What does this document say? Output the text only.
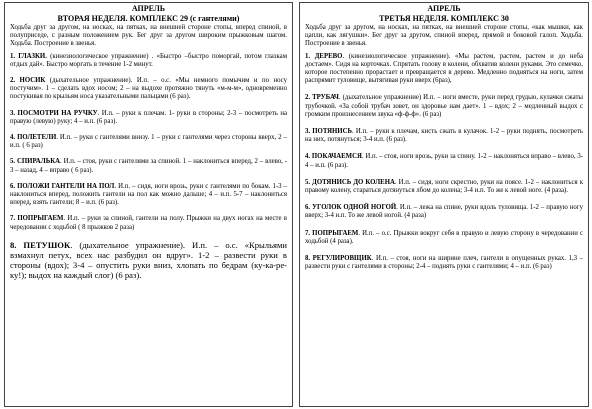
АПРЕЛЬ
ВТОРАЯ НЕДЕЛЯ. КОМПЛЕКС 29 (с гантелями)

Ходьба друг за другом, на носках, на пятках, на внешней стороне стопы, вперед спиной, в полуприседе, с разным положением рук. Бег друг за другом широким прыжковым шагом. Ходьба. Построение в звенья.

1. ГЛАЗКИ. (кинезиологическое упражнение) . «Быстро –быстро поморгай, потом глазкам отдых дай». Быстро моргать в течение 1-2 минут.

2. НОСИК (дыхательное упражнение). И.п. – о.с. «Мы немного помычим и по носу постучим». 1 – сделать вдох носом; 2 – на выдохе протяжно тянуть «м-м-м», одновременно постукивая по крыльям носа указательными пальцами (6 раз).

3. ПОСМОТРИ НА РУЧКУ. И.п. – руки к плечам. 1- руки в стороны; 2-3 – посмотреть на правую (левую) руку; 4 – и.п. (6 раз).

4. ПОЛЕТЕЛИ. И.п. – руки с гантелями внизу. 1 – руки с гантелями через стороны вверх, 2 – и.п. ( 6 раз)

5. СПИРАЛЬКА. И.п. – стоя, руки с гантелями за спиной. 1 – наклониться вперед, 2 – влево, - 3 – назад, 4 – вправо ( 6 раз).

6. ПОЛОЖИ ГАНТЕЛИ НА ПОЛ. И.п. – сидя, ноги врозь, руки с гантелями по бокам. 1-3 – наклониться вперед, положить гантели на пол как можно дальше; 4 – и.п. 5-7 – наклониться вперед, взять гантели; 8 – и.п. (6 раз).

7. ПОПРЫГАЕМ. И.п. – руки за спиной, гантели на полу. Прыжки на двух ногах на месте в чередовании с ходьбой ( 8 прыжков 2 раза)

8. ПЕТУШОК. (дыхательное упражнение). И.п. – о.с. «Крыльями взмахнул петух, всех нас разбудил он вдруг». 1-2 – развести руки в стороны (вдох); 3-4 – опустить руки вниз, хлопать по бедрам (ку-ка-ре-ку!); выдох на каждый слог) (6 раз).

АПРЕЛЬ
ТРЕТЬЯ НЕДЕЛЯ. КОМПЛЕКС 30

Ходьба друг за другом, на носках, на пятках, на внешней стороне стопы, «как мышки, как цапли, как лягушки». Бег друг за другом, спиной вперед, прямой и боковой галоп. Ходьба. Построение в звенья.

1. ДЕРЕВО. (кинезиологическое упражнение). «Мы растем, растем, растем и до неба достаем». Сидя на корточках. Спрятать голову в колени, обхватив колени руками. Это семечко, которое постепенно прорастает и превращается в дерево. Медленно подняться на ноги, затем распрямит туловище, вытягивая руки вверх (6раз),

2. ТРУБАЧ. (дыхательное упражнение) И.п. – ноги вместе, руки перед грудью, кулачки сжаты трубочкой. «За собой трубач зовет, он здоровье нам дает». 1 – вдох; 2 – медленный выдох с громким произнесением звука «ф-ф-ф». (6 раз)

3. ПОТЯНИСЬ. И.п. – руки к плечам, кисть сжать в кулачок. 1-2 – руки поднять, посмотреть на них, потянуться; 3-4 и.п. (6 раз).

4. ПОКАЧАЕМСЯ. И.п. – стоя, ноги врозь, руки за спину. 1-2 – наклоняться вправо – влево, 3-4 – и.п. (6 раз).

5. ДОТЯНИСЬ ДО КОЛЕНА. И.п. – сидя, ноги скрестно, руки на поясе. 1-2 – наклониться к правому колену, стараться дотянуться лбом до колена; 3-4 и.п. То же к левой ноге. (4 раза).

6. УГОЛОК ОДНОЙ НОГОЙ. И.п. – лежа на спине, руки вдоль туловища. 1-2 – правую ногу вверх; 3-4 и.п. То же левой ногой. (4 раза)

7. ПОПРЫГАЕМ. И.п. – о.с. Прыжки вокруг себя в правую и левую сторону в чередовании с ходьбой (4 раза).

8. РЕГУЛИРОВЩИК. И.п. – стоя, ноги на ширине плеч, гантели в опущенных руках. 1,3 – развести руки с гантелями в стороны; 2-4 – поднять руки с гантелями; 4 – и.п. (6 раз)
